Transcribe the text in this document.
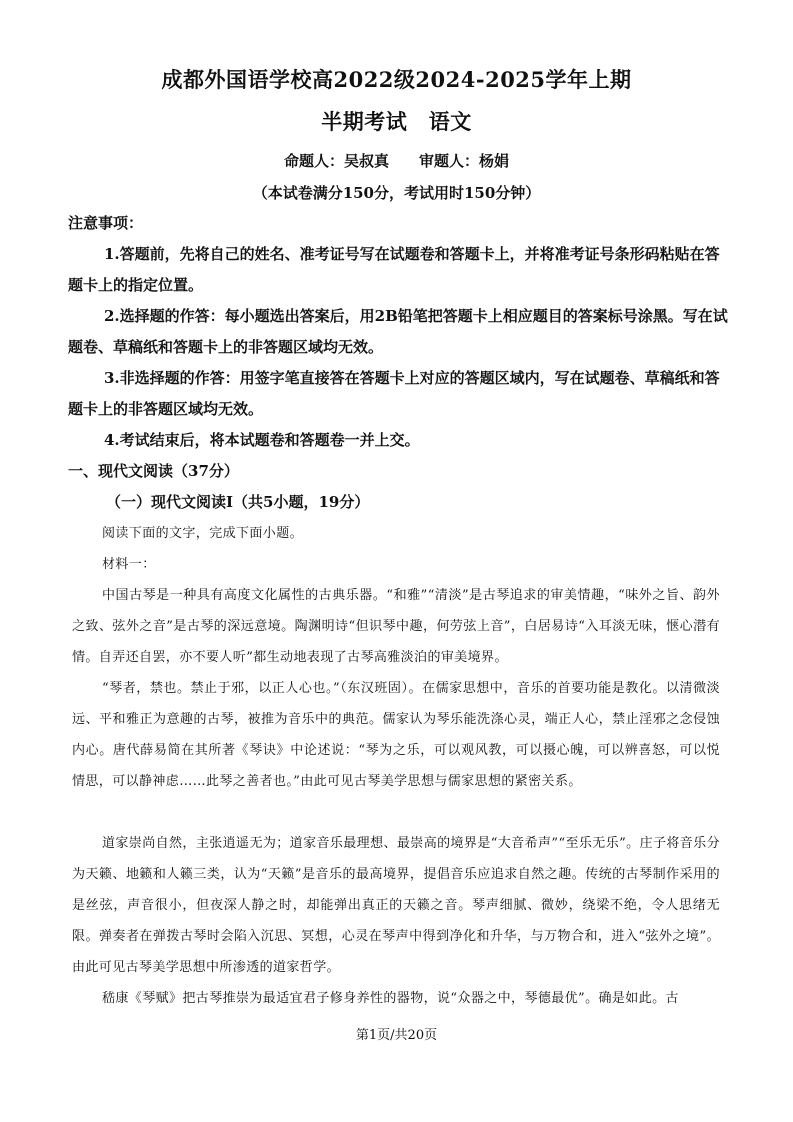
成都外国语学校高2022级2024-2025学年上期
半期考试　语文
命题人：吴叔真　　审题人：杨娟
（本试卷满分150分，考试用时150分钟）

注意事项：

1.答题前，先将自己的姓名、准考证号写在试题卷和答题卡上，并将准考证号条形码粘贴在答题卡上的指定位置。

2.选择题的作答：每小题选出答案后，用2B铅笔把答题卡上相应题目的答案标号涂黑。写在试题卷、草稿纸和答题卡上的非答题区域均无效。

3.非选择题的作答：用签字笔直接答在答题卡上对应的答题区域内，写在试题卷、草稿纸和答题卡上的非答题区域均无效。

4.考试结束后，将本试题卷和答题卷一并上交。

一、现代文阅读（37分）

（一）现代文阅读Ⅰ（共5小题，19分）

阅读下面的文字，完成下面小题。

材料一：

中国古琴是一种具有高度文化属性的古典乐器。“和雅”“清淡”是古琴追求的审美情趣，“味外之旨、韵外之致、弦外之音”是古琴的深远意境。陶渊明诗“但识琴中趣，何劳弦上音”，白居易诗“入耳淡无味，惬心潜有情。自弄还自罢，亦不要人听”都生动地表现了古琴高雅淡泊的审美境界。

“琴者，禁也。禁止于邪，以正人心也。”（东汉班固）。在儒家思想中，音乐的首要功能是教化。以清微淡远、平和雅正为意趣的古琴，被推为音乐中的典范。儒家认为琴乐能洗涤心灵，端正人心，禁止淫邪之念侵蚀内心。唐代薛易简在其所著《琴诀》中论述说：“琴为之乐，可以观风教，可以摄心魄，可以辨喜怒，可以悦情思，可以静神虑……此琴之善者也。”由此可见古琴美学思想与儒家思想的紧密关系。

道家崇尚自然，主张逍遥无为；道家音乐最理想、最崇高的境界是“大音希声”“至乐无乐”。庄子将音乐分为天籁、地籁和人籁三类，认为“天籁”是音乐的最高境界，提倡音乐应追求自然之趣。传统的古琴制作采用的是丝弦，声音很小，但夜深人静之时，却能弹出真正的天籁之音。琴声细腻、微妙，绕梁不绝，令人思绪无限。弹奏者在弹拨古琴时会陷入沉思、冥想，心灵在琴声中得到净化和升华，与万物合和，进入“弦外之境”。由此可见古琴美学思想中所渗透的道家哲学。

嵇康《琴赋》把古琴推崇为最适宜君子修身养性的器物，说“众器之中，琴德最优”。确是如此。古

第1页/共20页
